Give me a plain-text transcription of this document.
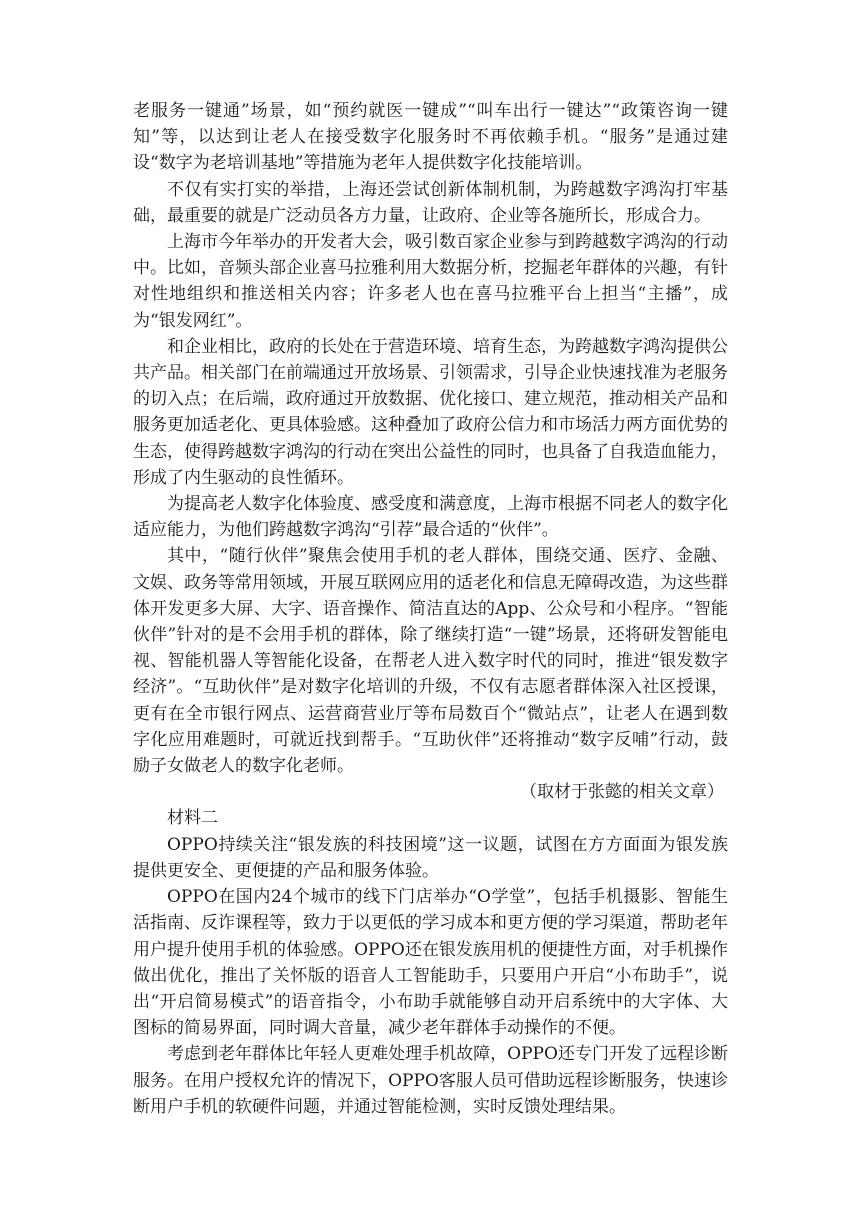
老服务一键通”场景，如“预约就医一键成”“叫车出行一键达”“政策咨询一键知”等，以达到让老人在接受数字化服务时不再依赖手机。“服务”是通过建设“数字为老培训基地”等措施为老年人提供数字化技能培训。

不仅有实打实的举措，上海还尝试创新体制机制，为跨越数字鸿沟打牢基础，最重要的就是广泛动员各方力量，让政府、企业等各施所长，形成合力。

上海市今年举办的开发者大会，吸引数百家企业参与到跨越数字鸿沟的行动中。比如，音频头部企业喜马拉雅利用大数据分析，挖掘老年群体的兴趣，有针对性地组织和推送相关内容；许多老人也在喜马拉雅平台上担当“主播”，成为“银发网红”。

和企业相比，政府的长处在于营造环境、培育生态，为跨越数字鸿沟提供公共产品。相关部门在前端通过开放场景、引领需求，引导企业快速找准为老服务的切入点；在后端，政府通过开放数据、优化接口、建立规范，推动相关产品和服务更加适老化、更具体验感。这种叠加了政府公信力和市场活力两方面优势的生态，使得跨越数字鸿沟的行动在突出公益性的同时，也具备了自我造血能力，形成了内生驱动的良性循环。

为提高老人数字化体验度、感受度和满意度，上海市根据不同老人的数字化适应能力，为他们跨越数字鸿沟“引荐”最合适的“伙伴”。

其中，“随行伙伴”聚焦会使用手机的老人群体，围绕交通、医疗、金融、文娱、政务等常用领域，开展互联网应用的适老化和信息无障碍改造，为这些群体开发更多大屏、大字、语音操作、简洁直达的App、公众号和小程序。“智能伙伴”针对的是不会用手机的群体，除了继续打造“一键”场景，还将研发智能电视、智能机器人等智能化设备，在帮老人进入数字时代的同时，推进“银发数字经济”。“互助伙伴”是对数字化培训的升级，不仅有志愿者群体深入社区授课，更有在全市银行网点、运营商营业厅等布局数百个“微站点”，让老人在遇到数字化应用难题时，可就近找到帮手。“互助伙伴”还将推动“数字反哺”行动，鼓励子女做老人的数字化老师。

（取材于张懿的相关文章）

材料二

OPPO持续关注“银发族的科技困境”这一议题，试图在方方面面为银发族提供更安全、更便捷的产品和服务体验。

OPPO在国内24个城市的线下门店举办“O学堂”，包括手机摄影、智能生活指南、反诈课程等，致力于以更低的学习成本和更方便的学习渠道，帮助老年用户提升使用手机的体验感。OPPO还在银发族用机的便捷性方面，对手机操作做出优化，推出了关怀版的语音人工智能助手，只要用户开启“小布助手”，说出“开启简易模式”的语音指令，小布助手就能够自动开启系统中的大字体、大图标的简易界面，同时调大音量，减少老年群体手动操作的不便。

考虑到老年群体比年轻人更难处理手机故障，OPPO还专门开发了远程诊断服务。在用户授权允许的情况下，OPPO客服人员可借助远程诊断服务，快速诊断用户手机的软硬件问题，并通过智能检测，实时反馈处理结果。
